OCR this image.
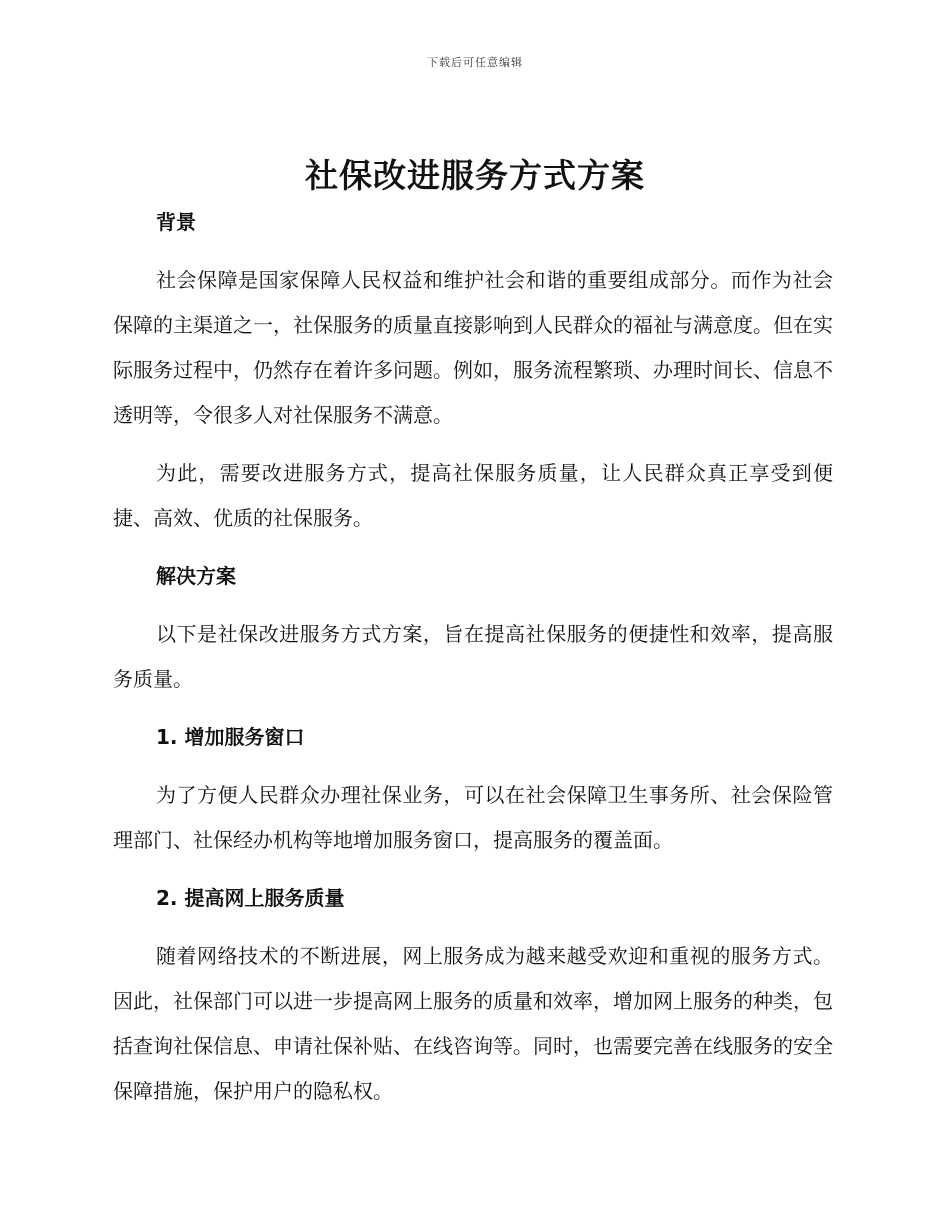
下载后可任意编辑
社保改进服务方式方案
背景

社会保障是国家保障人民权益和维护社会和谐的重要组成部分。而作为社会保障的主渠道之一，社保服务的质量直接影响到人民群众的福祉与满意度。但在实际服务过程中，仍然存在着许多问题。例如，服务流程繁琐、办理时间长、信息不透明等，令很多人对社保服务不满意。

为此，需要改进服务方式，提高社保服务质量，让人民群众真正享受到便捷、高效、优质的社保服务。

解决方案

以下是社保改进服务方式方案，旨在提高社保服务的便捷性和效率，提高服务质量。

1. 增加服务窗口

为了方便人民群众办理社保业务，可以在社会保障卫生事务所、社会保险管理部门、社保经办机构等地增加服务窗口，提高服务的覆盖面。

2. 提高网上服务质量

随着网络技术的不断进展，网上服务成为越来越受欢迎和重视的服务方式。因此，社保部门可以进一步提高网上服务的质量和效率，增加网上服务的种类，包括查询社保信息、申请社保补贴、在线咨询等。同时，也需要完善在线服务的安全保障措施，保护用户的隐私权。
